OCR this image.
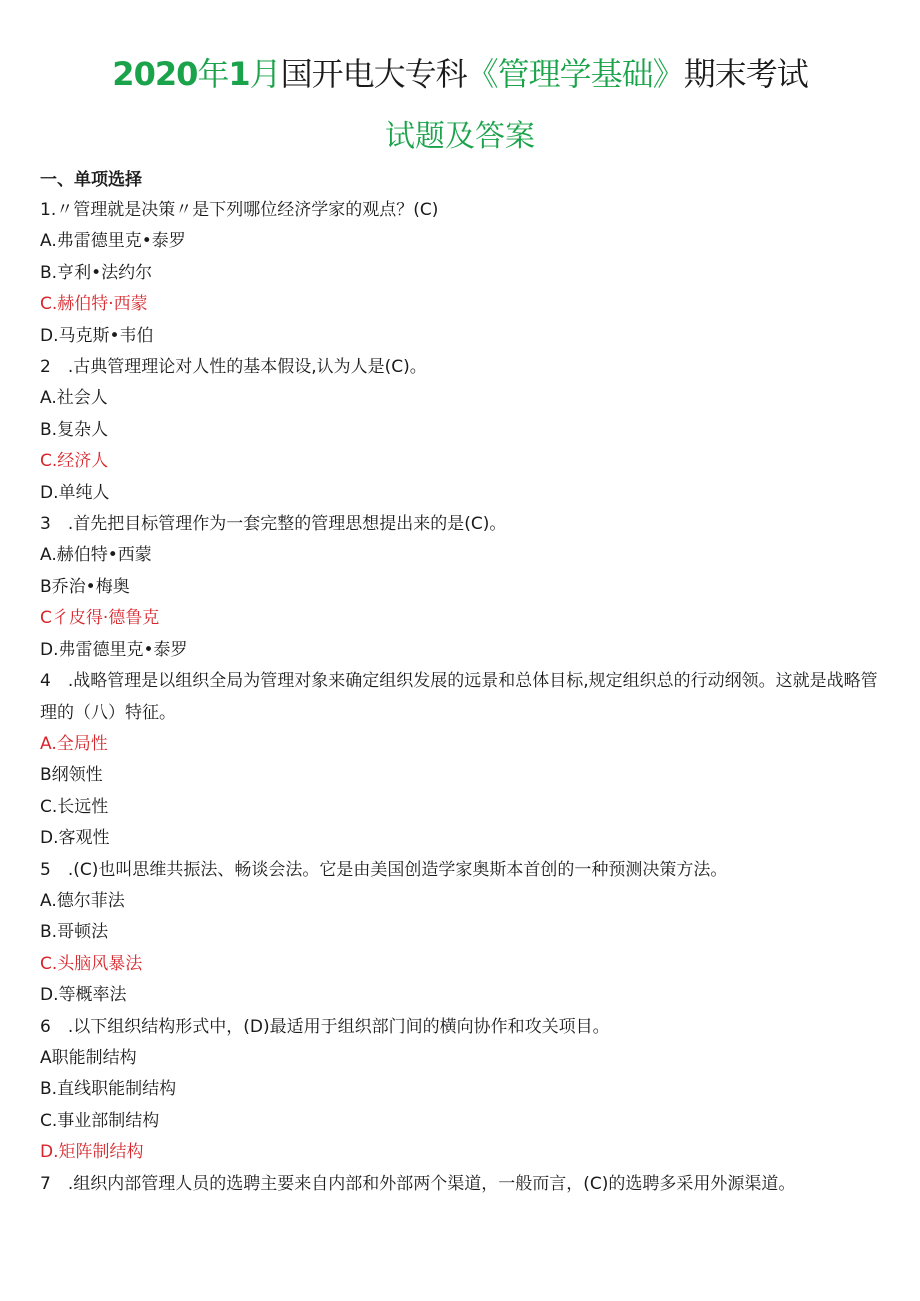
2020年1月国开电大专科《管理学基础》期末考试
试题及答案
一、单项选择
1.〃管理就是决策〃是下列哪位经济学家的观点？(C)
A.弗雷德里克•泰罗
B.亨利•法约尔
C.赫伯特·西蒙
D.马克斯•韦伯
2　.古典管理理论对人性的基本假设,认为人是(C)。
A.社会人
B.复杂人
C.经济人
D.单纯人
3　.首先把目标管理作为一套完整的管理思想提出来的是(C)。
A.赫伯特•西蒙
B乔治•梅奥
C彳皮得·德鲁克
D.弗雷德里克•泰罗
4　.战略管理是以组织全局为管理对象来确定组织发展的远景和总体目标,规定组织总的行动纲领。这就是战略管理的（八）特征。
A.全局性
B纲领性
C.长远性
D.客观性
5　.(C)也叫思维共振法、畅谈会法。它是由美国创造学家奥斯本首创的一种预测决策方法。
A.德尔菲法
B.哥顿法
C.头脑风暴法
D.等概率法
6　.以下组织结构形式中，(D)最适用于组织部门间的横向协作和攻关项目。
A职能制结构
B.直线职能制结构
C.事业部制结构
D.矩阵制结构
7　.组织内部管理人员的选聘主要来自内部和外部两个渠道，一般而言，(C)的选聘多采用外源渠道。
